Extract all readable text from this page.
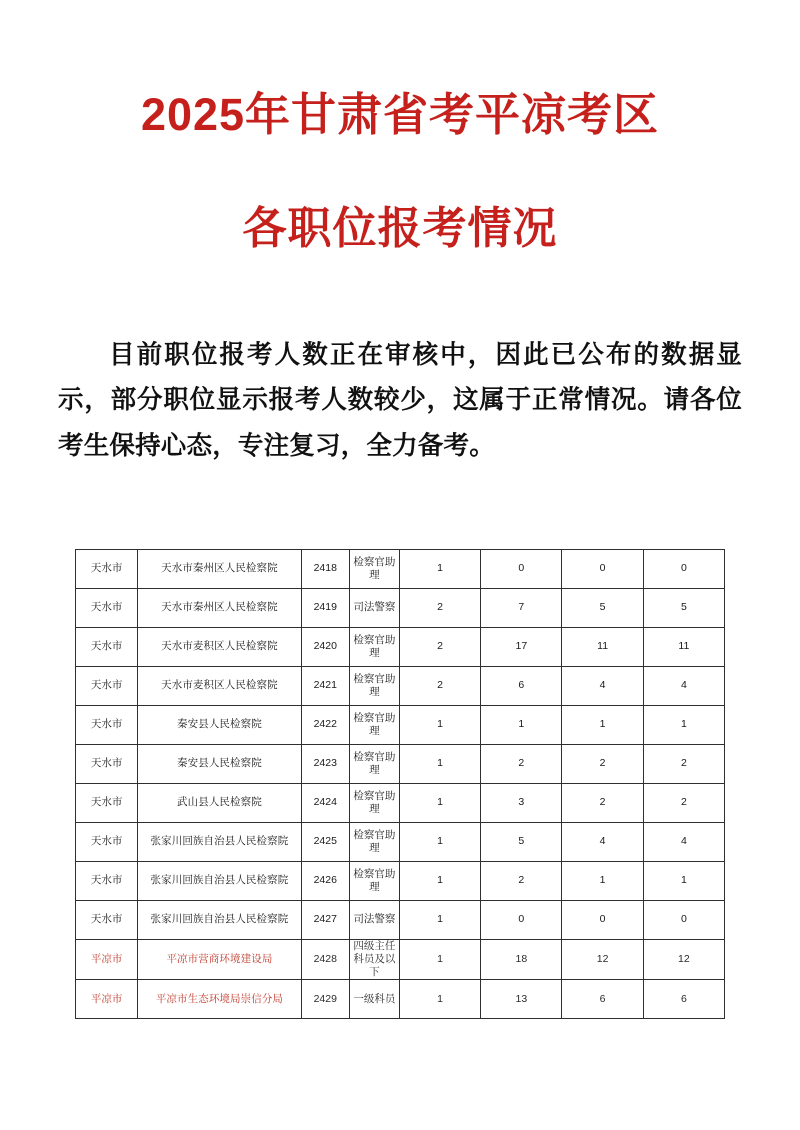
2025年甘肃省考平凉考区
各职位报考情况

目前职位报考人数正在审核中，因此已公布的数据显示，部分职位显示报考人数较少，这属于正常情况。请各位考生保持心态，专注复习，全力备考。

天水市	天水市秦州区人民检察院	2418	检察官助理	1	0	0	0
天水市	天水市秦州区人民检察院	2419	司法警察	2	7	5	5
天水市	天水市麦积区人民检察院	2420	检察官助理	2	17	11	11
天水市	天水市麦积区人民检察院	2421	检察官助理	2	6	4	4
天水市	秦安县人民检察院	2422	检察官助理	1	1	1	1
天水市	秦安县人民检察院	2423	检察官助理	1	2	2	2
天水市	武山县人民检察院	2424	检察官助理	1	3	2	2
天水市	张家川回族自治县人民检察院	2425	检察官助理	1	5	4	4
天水市	张家川回族自治县人民检察院	2426	检察官助理	1	2	1	1
天水市	张家川回族自治县人民检察院	2427	司法警察	1	0	0	0
平凉市	平凉市营商环境建设局	2428	四级主任科员及以下	1	18	12	12
平凉市	平凉市生态环境局崇信分局	2429	一级科员	1	13	6	6
